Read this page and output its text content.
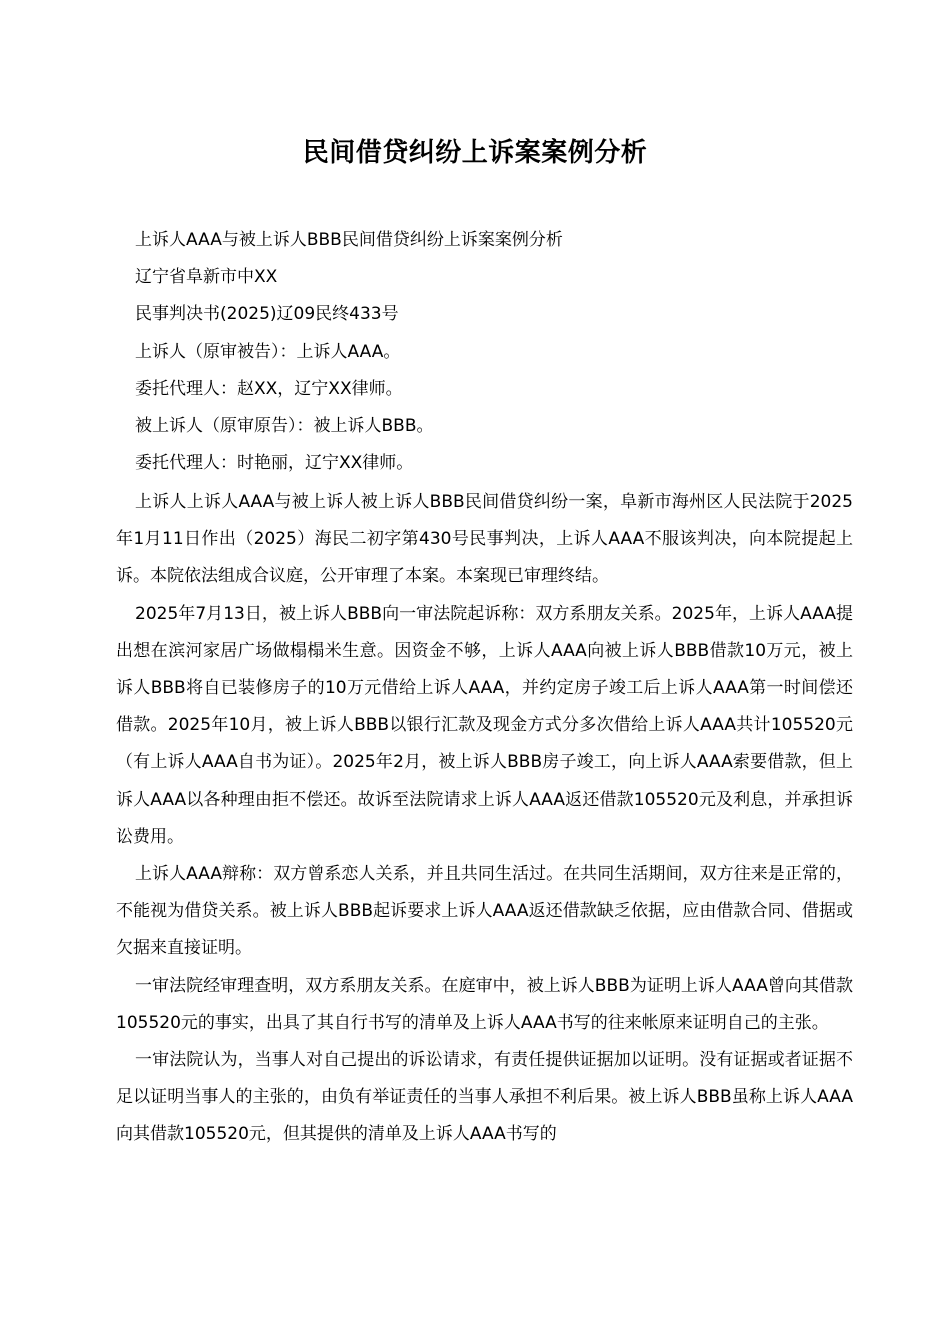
民间借贷纠纷上诉案案例分析
上诉人AAA与被上诉人BBB民间借贷纠纷上诉案案例分析
辽宁省阜新市中XX
民事判决书(2025)辽09民终433号
上诉人（原审被告）：上诉人AAA。
委托代理人：赵XX，辽宁XX律师。
被上诉人（原审原告）：被上诉人BBB。
委托代理人：时艳丽，辽宁XX律师。

上诉人上诉人AAA与被上诉人被上诉人BBB民间借贷纠纷一案，阜新市海州区人民法院于2025年1月11日作出（2025）海民二初字第430号民事判决，上诉人AAA不服该判决，向本院提起上诉。本院依法组成合议庭，公开审理了本案。本案现已审理终结。

2025年7月13日，被上诉人BBB向一审法院起诉称：双方系朋友关系。2025年，上诉人AAA提出想在滨河家居广场做榻榻米生意。因资金不够，上诉人AAA向被上诉人BBB借款10万元，被上诉人BBB将自已装修房子的10万元借给上诉人AAA，并约定房子竣工后上诉人AAA第一时间偿还借款。2025年10月，被上诉人BBB以银行汇款及现金方式分多次借给上诉人AAA共计105520元（有上诉人AAA自书为证）。2025年2月，被上诉人BBB房子竣工，向上诉人AAA索要借款，但上诉人AAA以各种理由拒不偿还。故诉至法院请求上诉人AAA返还借款105520元及利息，并承担诉讼费用。

上诉人AAA辩称：双方曾系恋人关系，并且共同生活过。在共同生活期间，双方往来是正常的，不能视为借贷关系。被上诉人BBB起诉要求上诉人AAA返还借款缺乏依据，应由借款合同、借据或欠据来直接证明。

一审法院经审理查明，双方系朋友关系。在庭审中，被上诉人BBB为证明上诉人AAA曾向其借款105520元的事实，出具了其自行书写的清单及上诉人AAA书写的往来帐原来证明自己的主张。

一审法院认为，当事人对自己提出的诉讼请求，有责任提供证据加以证明。没有证据或者证据不足以证明当事人的主张的，由负有举证责任的当事人承担不利后果。被上诉人BBB虽称上诉人AAA向其借款105520元，但其提供的清单及上诉人AAA书写的
